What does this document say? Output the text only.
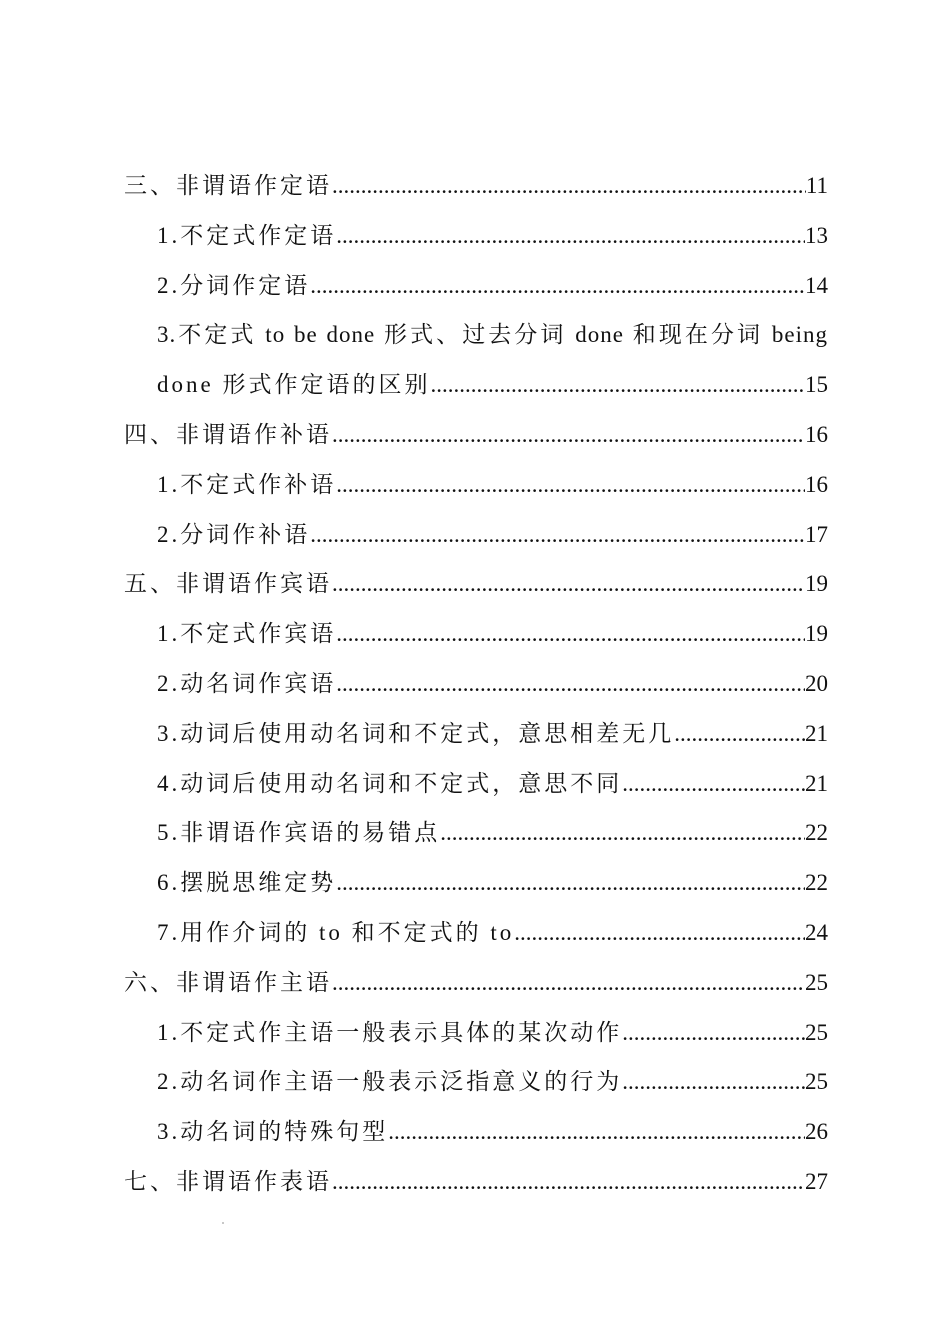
三、非谓语作定语 .....	11
1.不定式作定语 .....	13
2.分词作定语 .....	14
3.不定式 to be done 形式、过去分词 done 和现在分词 being
done 形式作定语的区别 .....	15
四、非谓语作补语 .....	16
1.不定式作补语 .....	16
2.分词作补语 .....	17
五、非谓语作宾语 .....	19
1.不定式作宾语 .....	19
2.动名词作宾语 .....	20
3.动词后使用动名词和不定式，意思相差无几 .....	21
4.动词后使用动名词和不定式，意思不同 .....	21
5.非谓语作宾语的易错点 .....	22
6.摆脱思维定势 .....	22
7.用作介词的 to 和不定式的 to .....	24
六、非谓语作主语 .....	25
1.不定式作主语一般表示具体的某次动作 .....	25
2.动名词作主语一般表示泛指意义的行为 .....	25
3.动名词的特殊句型 .....	26
七、非谓语作表语 .....	27
